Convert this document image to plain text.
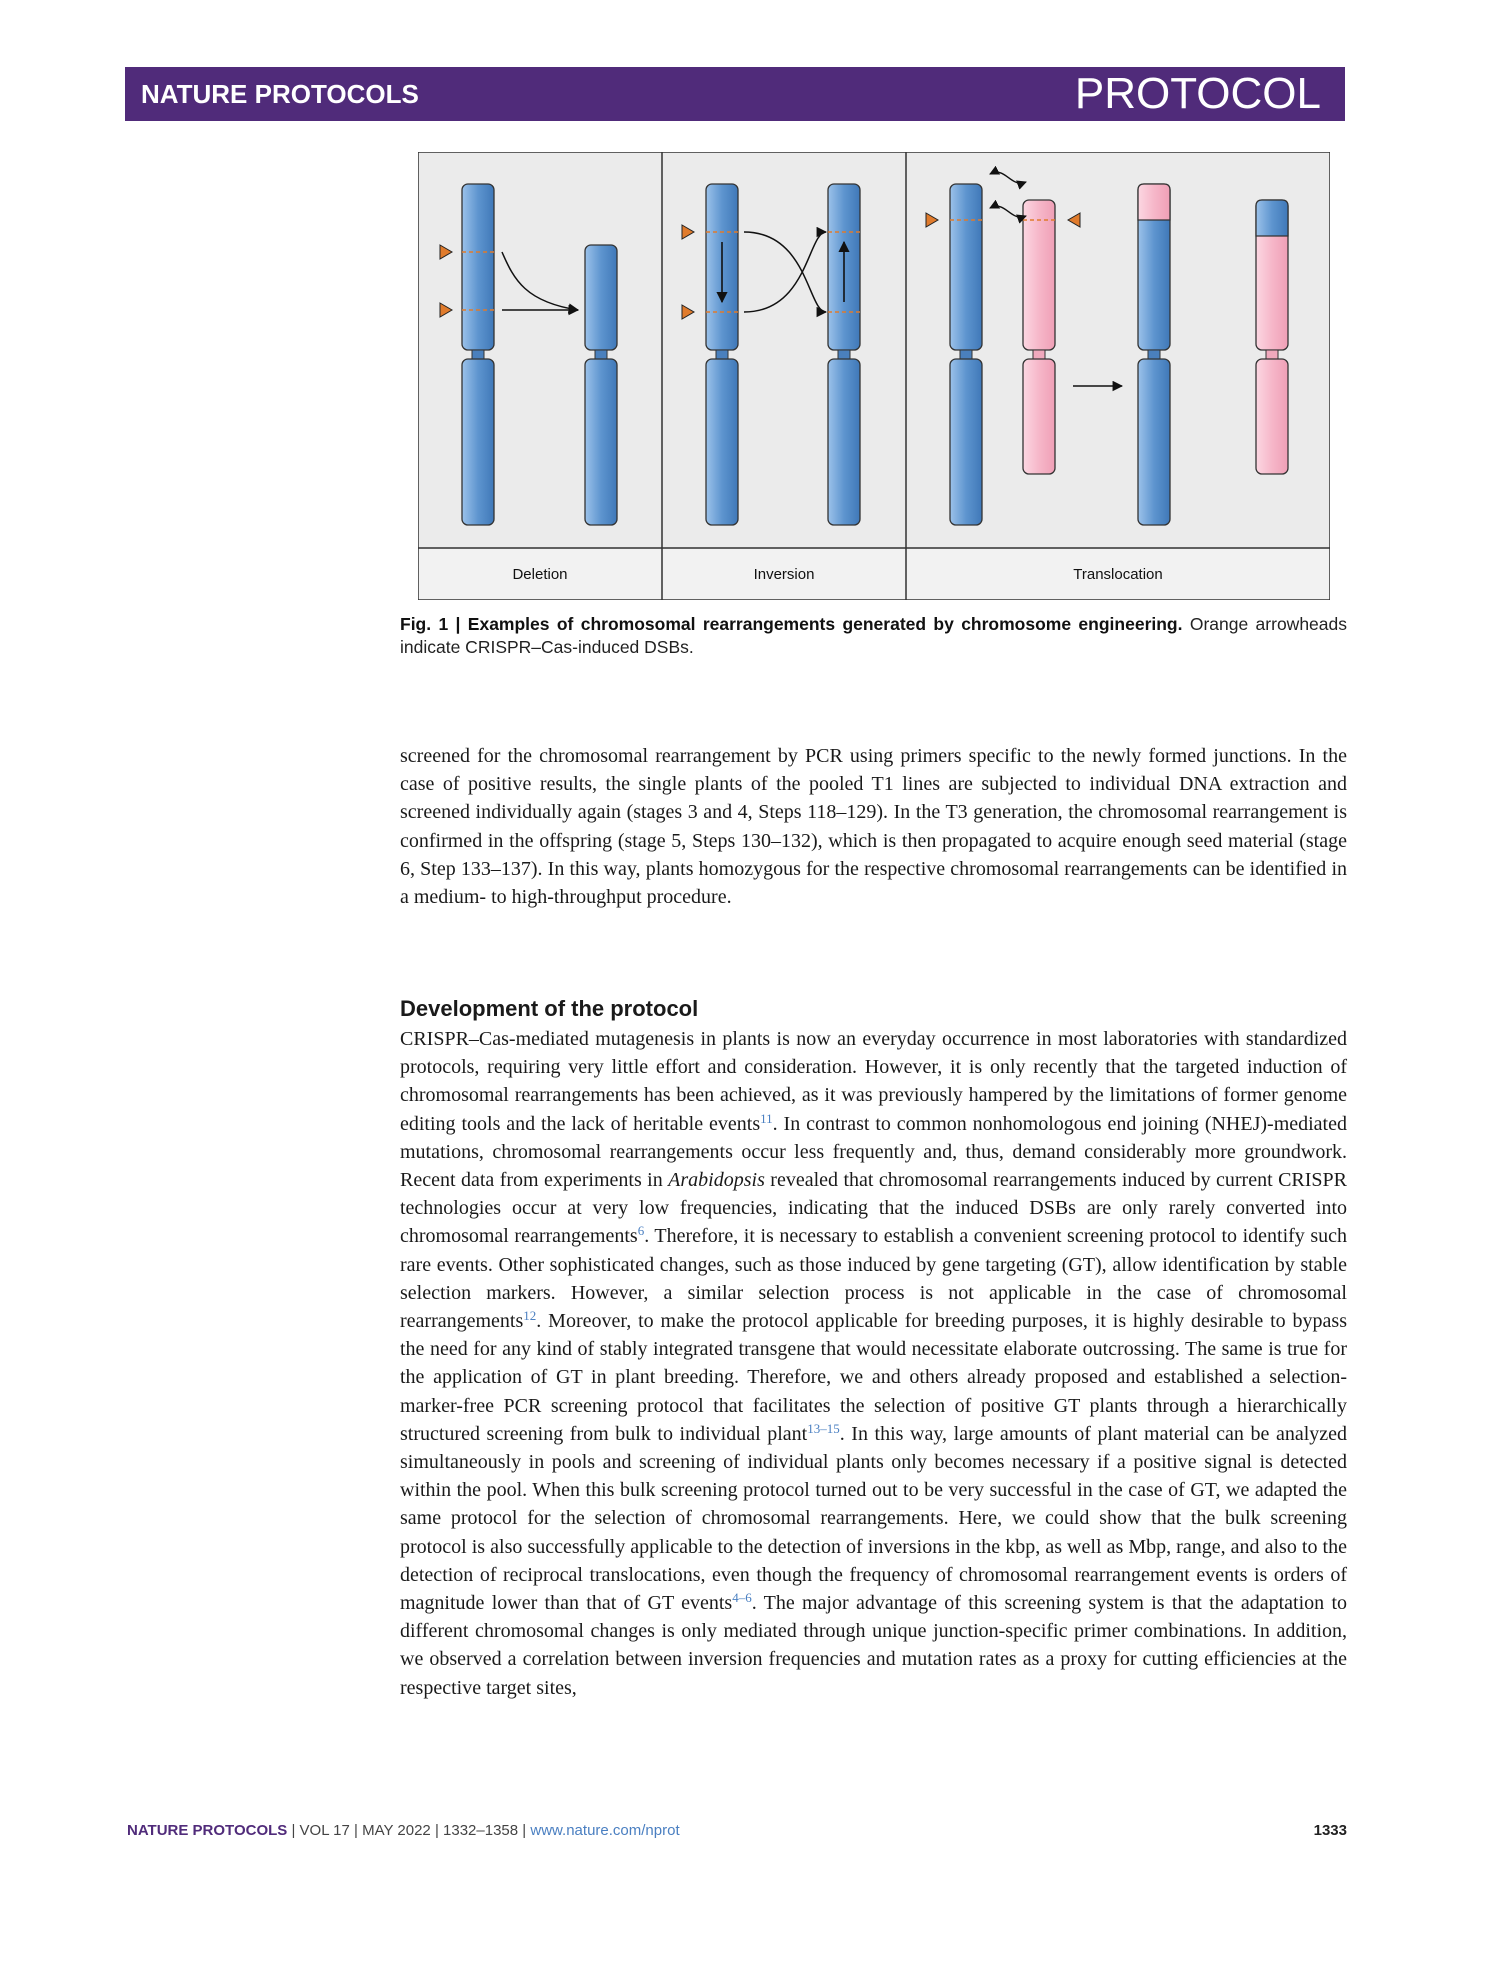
NATURE PROTOCOLS	PROTOCOL
Deletion	Inversion	Translocation
Fig. 1 | Examples of chromosomal rearrangements generated by chromosome engineering. Orange arrowheads indicate CRISPR–Cas-induced DSBs.
screened for the chromosomal rearrangement by PCR using primers specific to the newly formed junctions. In the case of positive results, the single plants of the pooled T1 lines are subjected to individual DNA extraction and screened individually again (stages 3 and 4, Steps 118–129). In the T3 generation, the chromosomal rearrangement is confirmed in the offspring (stage 5, Steps 130–132), which is then propagated to acquire enough seed material (stage 6, Step 133–137). In this way, plants homozygous for the respective chromosomal rearrangements can be identified in a medium- to high-throughput procedure.
Development of the protocol
CRISPR–Cas-mediated mutagenesis in plants is now an everyday occurrence in most laboratories with standardized protocols, requiring very little effort and consideration. However, it is only recently that the targeted induction of chromosomal rearrangements has been achieved, as it was previously hampered by the limitations of former genome editing tools and the lack of heritable events$^{11}$. In contrast to common nonhomologous end joining (NHEJ)-mediated mutations, chromosomal rearrangements occur less frequently and, thus, demand considerably more groundwork. Recent data from experiments in Arabidopsis revealed that chromosomal rearrangements induced by current CRISPR technologies occur at very low frequencies, indicating that the induced DSBs are only rarely converted into chromosomal rearrangements$^6$. Therefore, it is necessary to establish a convenient screening protocol to identify such rare events. Other sophisticated changes, such as those induced by gene targeting (GT), allow identification by stable selection markers. However, a similar selection process is not applicable in the case of chromosomal rearrangements$^{12}$. Moreover, to make the protocol applicable for breeding purposes, it is highly desirable to bypass the need for any kind of stably integrated transgene that would necessitate elaborate outcrossing. The same is true for the application of GT in plant breeding. Therefore, we and others already proposed and established a selection-marker-free PCR screening protocol that facilitates the selection of positive GT plants through a hierarchically structured screening from bulk to individual plant$^{13-15}$. In this way, large amounts of plant material can be analyzed simultaneously in pools and screening of individual plants only becomes necessary if a positive signal is detected within the pool. When this bulk screening protocol turned out to be very successful in the case of GT, we adapted the same protocol for the selection of chromosomal rearrangements. Here, we could show that the bulk screening protocol is also successfully applicable to the detection of inversions in the kbp, as well as Mbp, range, and also to the detection of reciprocal translocations, even though the frequency of chromosomal rearrangement events is orders of magnitude lower than that of GT events$^{4-6}$. The major advantage of this screening system is that the adaptation to different chromosomal changes is only mediated through unique junction-specific primer combinations. In addition, we observed a correlation between inversion frequencies and mutation rates as a proxy for cutting efficiencies at the respective target sites,
NATURE PROTOCOLS | VOL 17 | MAY 2022 | 1332–1358 | www.nature.com/nprot	1333
